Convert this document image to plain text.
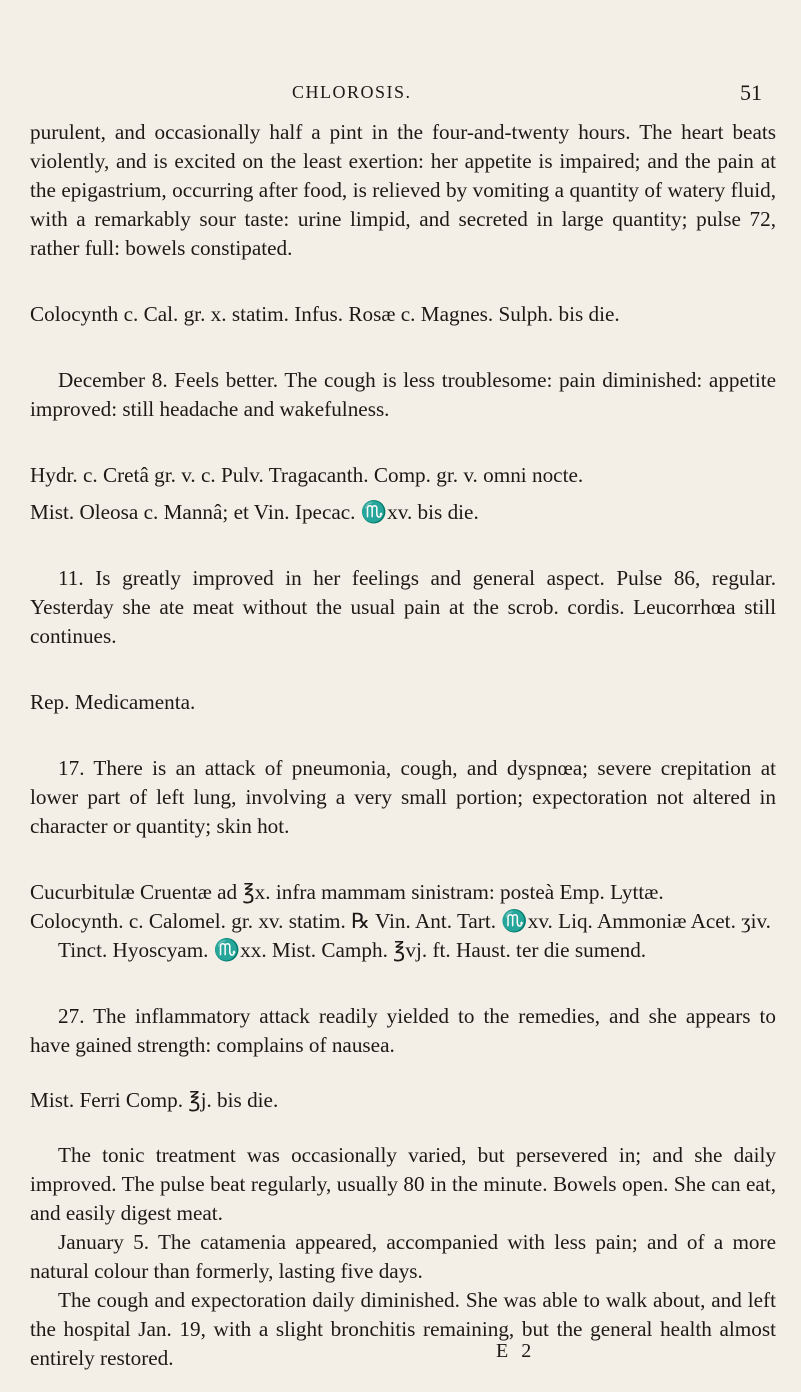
CHLOROSIS.	51

purulent, and occasionally half a pint in the four-and-twenty hours. The heart beats violently, and is excited on the least exertion: her appetite is impaired; and the pain at the epigastrium, occurring after food, is relieved by vomiting a quantity of watery fluid, with a remarkably sour taste: urine limpid, and secreted in large quantity; pulse 72, rather full: bowels constipated.

Colocynth c. Cal. gr. x. statim. Infus. Rosæ c. Magnes. Sulph. bis die.

December 8. Feels better. The cough is less troublesome: pain diminished: appetite improved: still headache and wakefulness.

Hydr. c. Cretâ gr. v. c. Pulv. Tragacanth. Comp. gr. v. omni nocte.

Mist. Oleosa c. Mannâ; et Vin. Ipecac. ♏xv. bis die.

11. Is greatly improved in her feelings and general aspect. Pulse 86, regular. Yesterday she ate meat without the usual pain at the scrob. cordis. Leucorrhœa still continues.

Rep. Medicamenta.

17. There is an attack of pneumonia, cough, and dyspnœa; severe crepitation at lower part of left lung, involving a very small portion; expectoration not altered in character or quantity; skin hot.

Cucurbitulæ Cruentæ ad ℥x. infra mammam sinistram: posteà Emp. Lyttæ.

Colocynth. c. Calomel. gr. xv. statim. ℞ Vin. Ant. Tart. ♏xv. Liq. Ammoniæ Acet. ʒiv. Tinct. Hyoscyam. ♏xx. Mist. Camph. ℥vj. ft. Haust. ter die sumend.

27. The inflammatory attack readily yielded to the remedies, and she appears to have gained strength: complains of nausea.

Mist. Ferri Comp. ℥j. bis die.

The tonic treatment was occasionally varied, but persevered in; and she daily improved. The pulse beat regularly, usually 80 in the minute. Bowels open. She can eat, and easily digest meat.

January 5. The catamenia appeared, accompanied with less pain; and of a more natural colour than formerly, lasting five days.

The cough and expectoration daily diminished. She was able to walk about, and left the hospital Jan. 19, with a slight bronchitis remaining, but the general health almost entirely restored.	E 2
